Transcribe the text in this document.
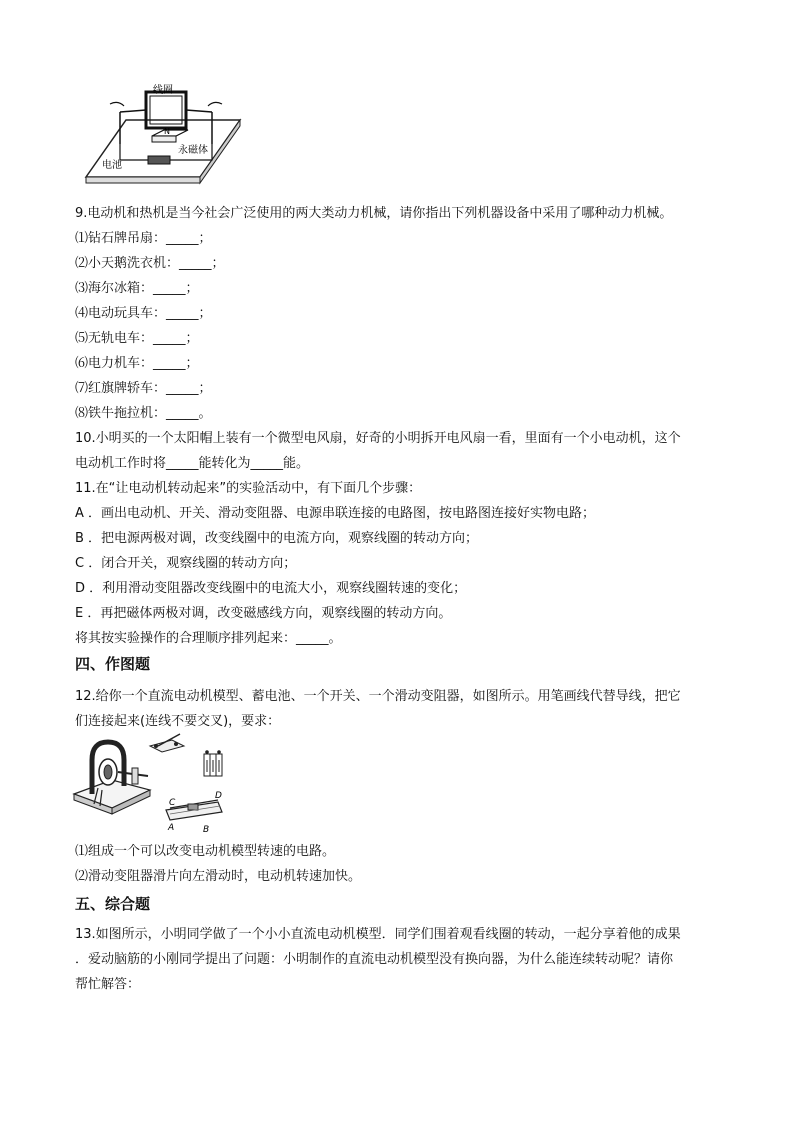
线圈
N
永磁体
电池
9.电动机和热机是当今社会广泛使用的两大类动力机械，请你指出下列机器设备中采用了哪种动力机械。
⑴钻石牌吊扇：_____；
⑵小天鹅洗衣机：_____；
⑶海尔冰箱：_____；
⑷电动玩具车：_____；
⑸无轨电车：_____；
⑹电力机车：_____；
⑺红旗牌轿车：_____；
⑻铁牛拖拉机：_____。
10.小明买的一个太阳帽上装有一个微型电风扇，好奇的小明拆开电风扇一看，里面有一个小电动机，这个
电动机工作时将_____能转化为_____能。
11.在“让电动机转动起来”的实验活动中，有下面几个步骤：
A ．画出电动机、开关、滑动变阻器、电源串联连接的电路图，按电路图连接好实物电路；
B ．把电源两极对调，改变线圈中的电流方向，观察线圈的转动方向；
C ．闭合开关，观察线圈的转动方向；
D ．利用滑动变阻器改变线圈中的电流大小，观察线圈转速的变化；
E ．再把磁体两极对调，改变磁感线方向，观察线圈的转动方向。
将其按实验操作的合理顺序排列起来：_____。
四、作图题
12.给你一个直流电动机模型、蓄电池、一个开关、一个滑动变阻器，如图所示。用笔画线代替导线，把它
们连接起来(连线不要交叉)，要求：
C
D
A	B
⑴组成一个可以改变电动机模型转速的电路。
⑵滑动变阻器滑片向左滑动时，电动机转速加快。
五、综合题
13.如图所示，小明同学做了一个小小直流电动机模型．同学们围着观看线圈的转动，一起分享着他的成果
．爱动脑筋的小刚同学提出了问题：小明制作的直流电动机模型没有换向器，为什么能连续转动呢？请你
帮忙解答：
